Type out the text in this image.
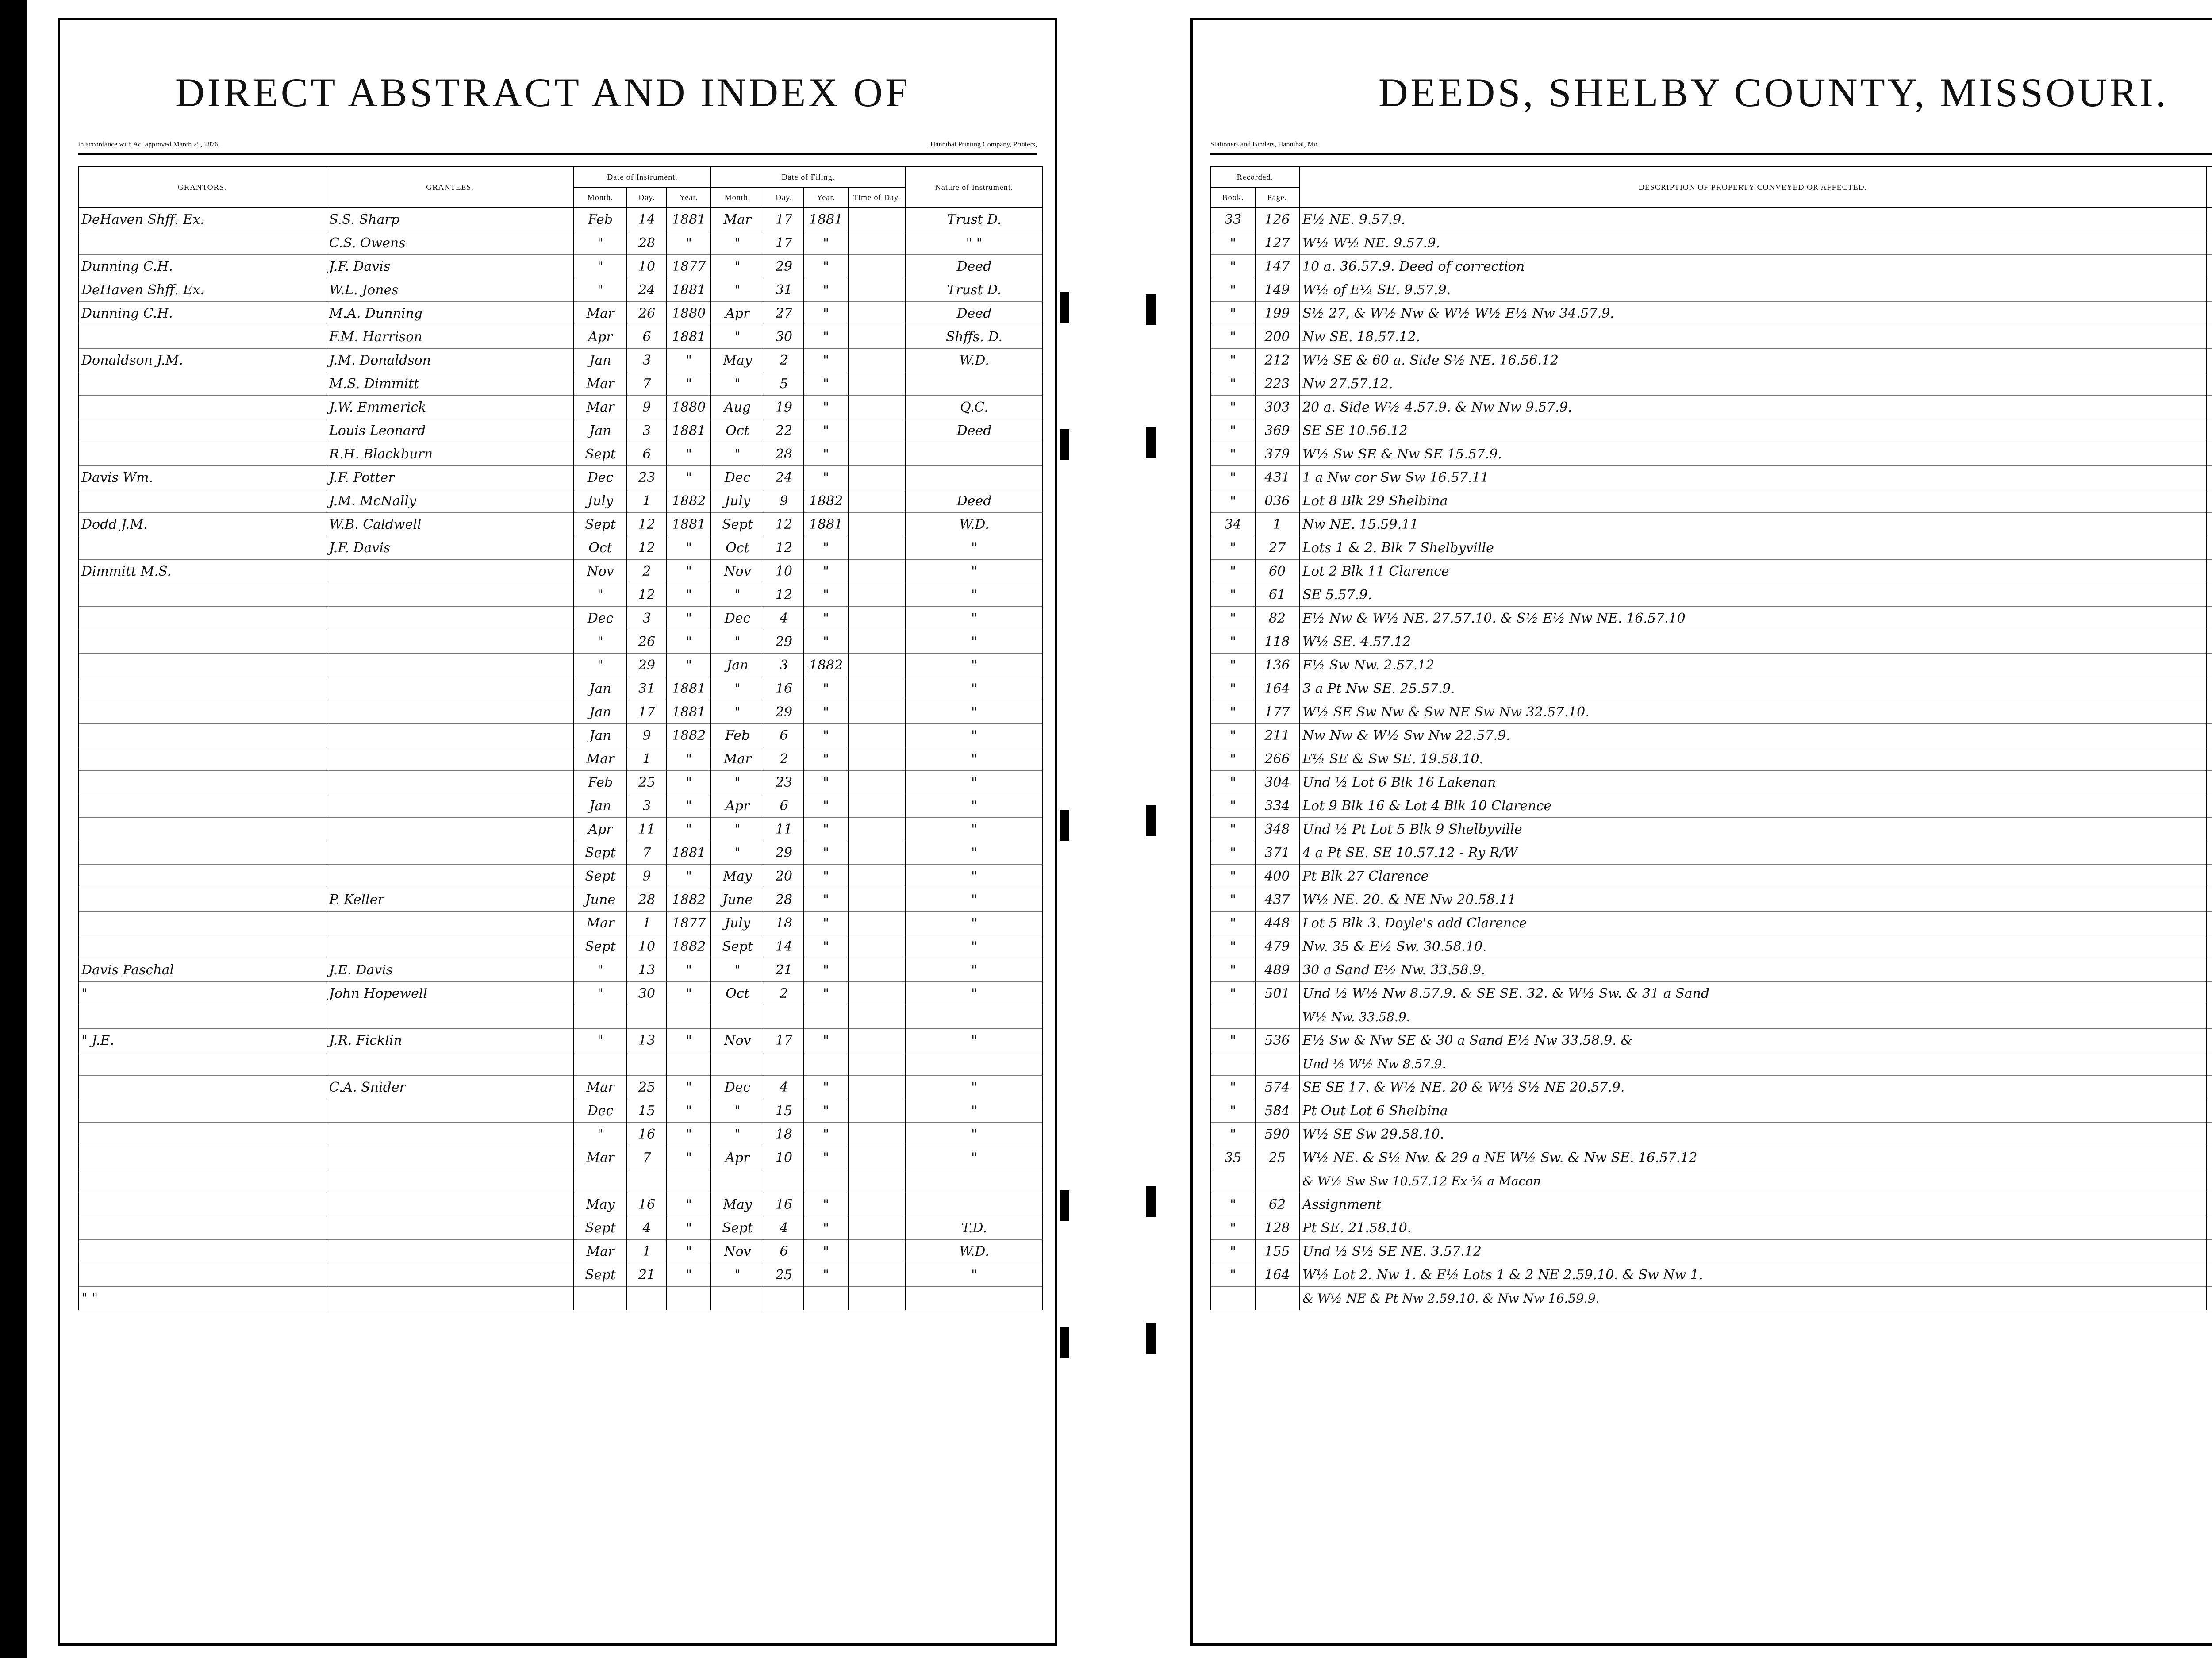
DIRECT ABSTRACT AND INDEX OF
In accordance with Act approved March 25, 1876.	Hannibal Printing Company, Printers,
GRANTORS.	GRANTEES.	Date of Instrument.			Date of Filing.				Nature of Instrument.
		Month.	Day.	Year.	Month.	Day.	Year.	Time of Day.	
DeHaven Shff. Ex.	S.S. Sharp	Feb	14	1881	Mar	17	1881		Trust D.
	C.S. Owens	"	28	"	"	17	"		" "
Dunning C.H.	J.F. Davis	"	10	1877	"	29	"		Deed
DeHaven Shff. Ex.	W.L. Jones	"	24	1881	"	31	"		Trust D.
Dunning C.H.	M.A. Dunning	Mar	26	1880	Apr	27	"		Deed
	F.M. Harrison	Apr	6	1881	"	30	"		Shffs. D.
Donaldson J.M.	J.M. Donaldson	Jan	3	"	May	2	"		W.D.
	M.S. Dimmitt	Mar	7	"	"	5	"		
	J.W. Emmerick	Mar	9	1880	Aug	19	"		Q.C.
	Louis Leonard	Jan	3	1881	Oct	22	"		Deed
	R.H. Blackburn	Sept	6	"	"	28	"		
Davis Wm.	J.F. Potter	Dec	23	"	Dec	24	"		
	J.M. McNally	July	1	1882	July	9	1882		Deed
Dodd J.M.	W.B. Caldwell	Sept	12	1881	Sept	12	1881		W.D.
	J.F. Davis	Oct	12	"	Oct	12	"		"
Dimmitt M.S.		Nov	2	"	Nov	10	"		"
		"	12	"	"	12	"		"
		Dec	3	"	Dec	4	"		"
		"	26	"	"	29	"		"
		"	29	"	Jan	3	1882		"
		Jan	31	1881	"	16	"		"
		Jan	17	1881	"	29	"		"
		Jan	9	1882	Feb	6	"		"
		Mar	1	"	Mar	2	"		"
		Feb	25	"	"	23	"		"
		Jan	3	"	Apr	6	"		"
		Apr	11	"	"	11	"		"
		Sept	7	1881	"	29	"		"
		Sept	9	"	May	20	"		"
	P. Keller	June	28	1882	June	28	"		"
		Mar	1	1877	July	18	"		"
		Sept	10	1882	Sept	14	"		"
Davis Paschal	J.E. Davis	"	13	"	"	21	"		"
"	John Hopewell	"	30	"	Oct	2	"		"

" J.E.	J.R. Ficklin	"	13	"	Nov	17	"		"

	C.A. Snider	Mar	25	"	Dec	4	"		"
		Dec	15	"	"	15	"		"
		"	16	"	"	18	"		"
		Mar	7	"	Apr	10	"		"

		May	16	"	May	16	"		
		Sept	4	"	Sept	4	"		T.D.
		Mar	1	"	Nov	6	"		W.D.
		Sept	21	"	"	25	"		"
" "									
DEEDS, SHELBY COUNTY, MISSOURI.
Stationers and Binders, Hannibal, Mo.
Recorded.		DESCRIPTION OF PROPERTY CONVEYED OR AFFECTED.			
Book.	Page.				
33	126	E½ NE. 9.57.9.			
"	127	W½ W½ NE. 9.57.9.			
"	147	10 a. 36.57.9. Deed of correction			
"	149	W½ of E½ SE. 9.57.9.			
"	199	S½ 27, & W½ Nw & W½ W½ E½ Nw 34.57.9.			
"	200	Nw SE. 18.57.12.			
"	212	W½ SE & 60 a. Side S½ NE. 16.56.12			
"	223	Nw 27.57.12.			
"	303	20 a. Side W½ 4.57.9. & Nw Nw 9.57.9.			
"	369	SE SE 10.56.12			
"	379	W½ Sw SE & Nw SE 15.57.9.			
"	431	1 a Nw cor Sw Sw 16.57.11			
"	036	Lot 8 Blk 29 Shelbina			
34	1	Nw NE. 15.59.11			
"	27	Lots 1 & 2. Blk 7 Shelbyville			
"	60	Lot 2 Blk 11 Clarence			
"	61	SE 5.57.9.			
"	82	E½ Nw & W½ NE. 27.57.10. & S½ E½ Nw NE. 16.57.10			
"	118	W½ SE. 4.57.12			
"	136	E½ Sw Nw. 2.57.12			
"	164	3 a Pt Nw SE. 25.57.9.			
"	177	W½ SE Sw Nw & Sw NE Sw Nw 32.57.10.			
"	211	Nw Nw & W½ Sw Nw 22.57.9.			
"	266	E½ SE & Sw SE. 19.58.10.			
"	304	Und ½ Lot 6 Blk 16 Lakenan			
"	334	Lot 9 Blk 16 & Lot 4 Blk 10 Clarence			
"	348	Und ½ Pt Lot 5 Blk 9 Shelbyville			
"	371	4 a Pt SE. SE 10.57.12 - Ry R/W			
"	400	Pt Blk 27 Clarence			
"	437	W½ NE. 20. & NE Nw 20.58.11			
"	448	Lot 5 Blk 3. Doyle's add Clarence			
"	479	Nw. 35 & E½ Sw. 30.58.10.			
"	489	30 a Sand E½ Nw. 33.58.9.			
"	501	Und ½ W½ Nw 8.57.9. & SE SE. 32. & W½ Sw. & 31 a Sand			
		W½ Nw. 33.58.9.			
"	536	E½ Sw & Nw SE & 30 a Sand E½ Nw 33.58.9. &			
		Und ½ W½ Nw 8.57.9.			
"	574	SE SE 17. & W½ NE. 20 & W½ S½ NE 20.57.9.			
"	584	Pt Out Lot 6 Shelbina			
"	590	W½ SE Sw 29.58.10.			
35	25	W½ NE. & S½ Nw. & 29 a NE W½ Sw. & Nw SE. 16.57.12			
		& W½ Sw Sw 10.57.12 Ex ¾ a Macon			
"	62	Assignment			
"	128	Pt SE. 21.58.10.			
"	155	Und ½ S½ SE NE. 3.57.12			
"	164	W½ Lot 2. Nw 1. & E½ Lots 1 & 2 NE 2.59.10. & Sw Nw 1.			
		& W½ NE & Pt Nw 2.59.10. & Nw Nw 16.59.9.			
